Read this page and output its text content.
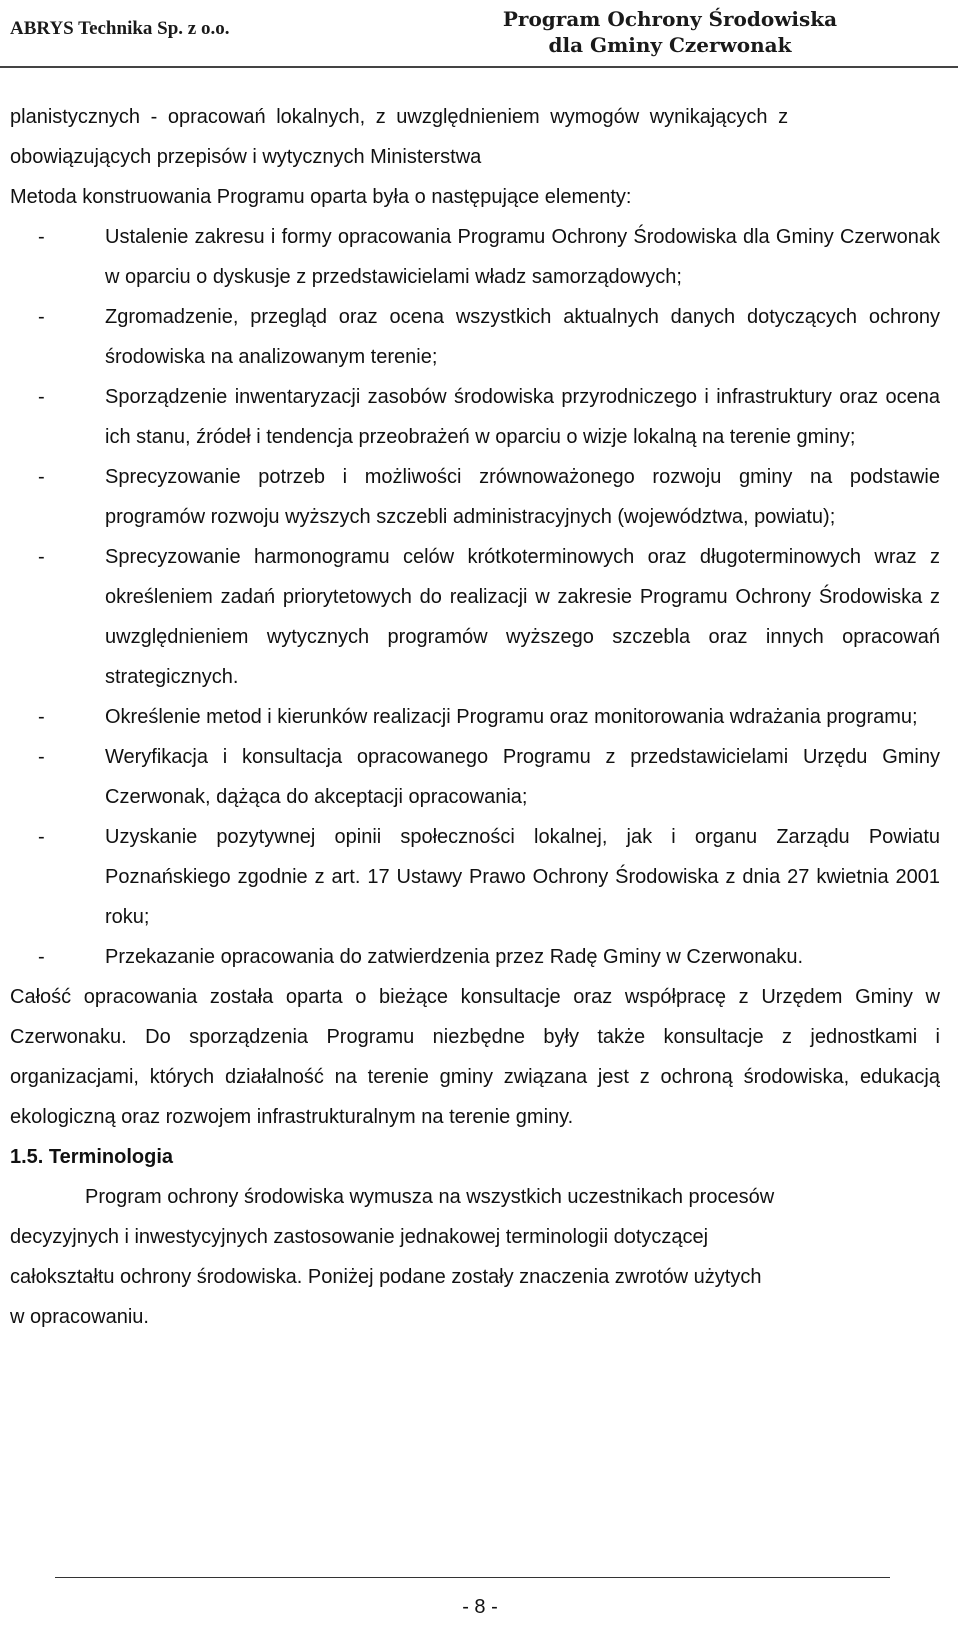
ABRYS Technika Sp. z o.o.	Program Ochrony Środowiska
dla Gminy Czerwonak

planistycznych - opracowań lokalnych, z uwzględnieniem wymogów wynikających z

obowiązujących przepisów i wytycznych Ministerstwa

Metoda konstruowania Programu oparta była o następujące elementy:

-	Ustalenie zakresu i formy opracowania Programu Ochrony Środowiska dla Gminy Czerwonak w oparciu o dyskusje z przedstawicielami władz samorządowych;
-	Zgromadzenie, przegląd oraz ocena wszystkich aktualnych danych dotyczących ochrony środowiska na analizowanym terenie;
-	Sporządzenie inwentaryzacji zasobów środowiska przyrodniczego i infrastruktury oraz ocena ich stanu, źródeł i tendencja przeobrażeń w oparciu o wizje lokalną na terenie gminy;
-	Sprecyzowanie potrzeb i możliwości zrównoważonego rozwoju gminy na podstawie programów rozwoju wyższych szczebli administracyjnych (województwa, powiatu);
-	Sprecyzowanie harmonogramu celów krótkoterminowych oraz długoterminowych wraz z określeniem zadań priorytetowych do realizacji w zakresie Programu Ochrony Środowiska z uwzględnieniem wytycznych programów wyższego szczebla oraz innych opracowań strategicznych.
-	Określenie metod i kierunków realizacji Programu oraz monitorowania wdrażania programu;
-	Weryfikacja i konsultacja opracowanego Programu z przedstawicielami Urzędu Gminy Czerwonak, dążąca do akceptacji opracowania;
-	Uzyskanie pozytywnej opinii społeczności lokalnej, jak i organu Zarządu Powiatu Poznańskiego zgodnie z art. 17 Ustawy Prawo Ochrony Środowiska z dnia 27 kwietnia 2001 roku;
-	Przekazanie opracowania do zatwierdzenia przez Radę Gminy w Czerwonaku.

Całość opracowania została oparta o bieżące konsultacje oraz współpracę z Urzędem Gminy w Czerwonaku. Do sporządzenia Programu niezbędne były także konsultacje z jednostkami i organizacjami, których działalność na terenie gminy związana jest z ochroną środowiska, edukacją ekologiczną oraz rozwojem infrastrukturalnym na terenie gminy.

1.5. Terminologia

Program ochrony środowiska wymusza na wszystkich uczestnikach procesów

decyzyjnych i inwestycyjnych zastosowanie jednakowej terminologii dotyczącej

całokształtu ochrony środowiska. Poniżej podane zostały znaczenia zwrotów użytych

w opracowaniu.

- 8 -
